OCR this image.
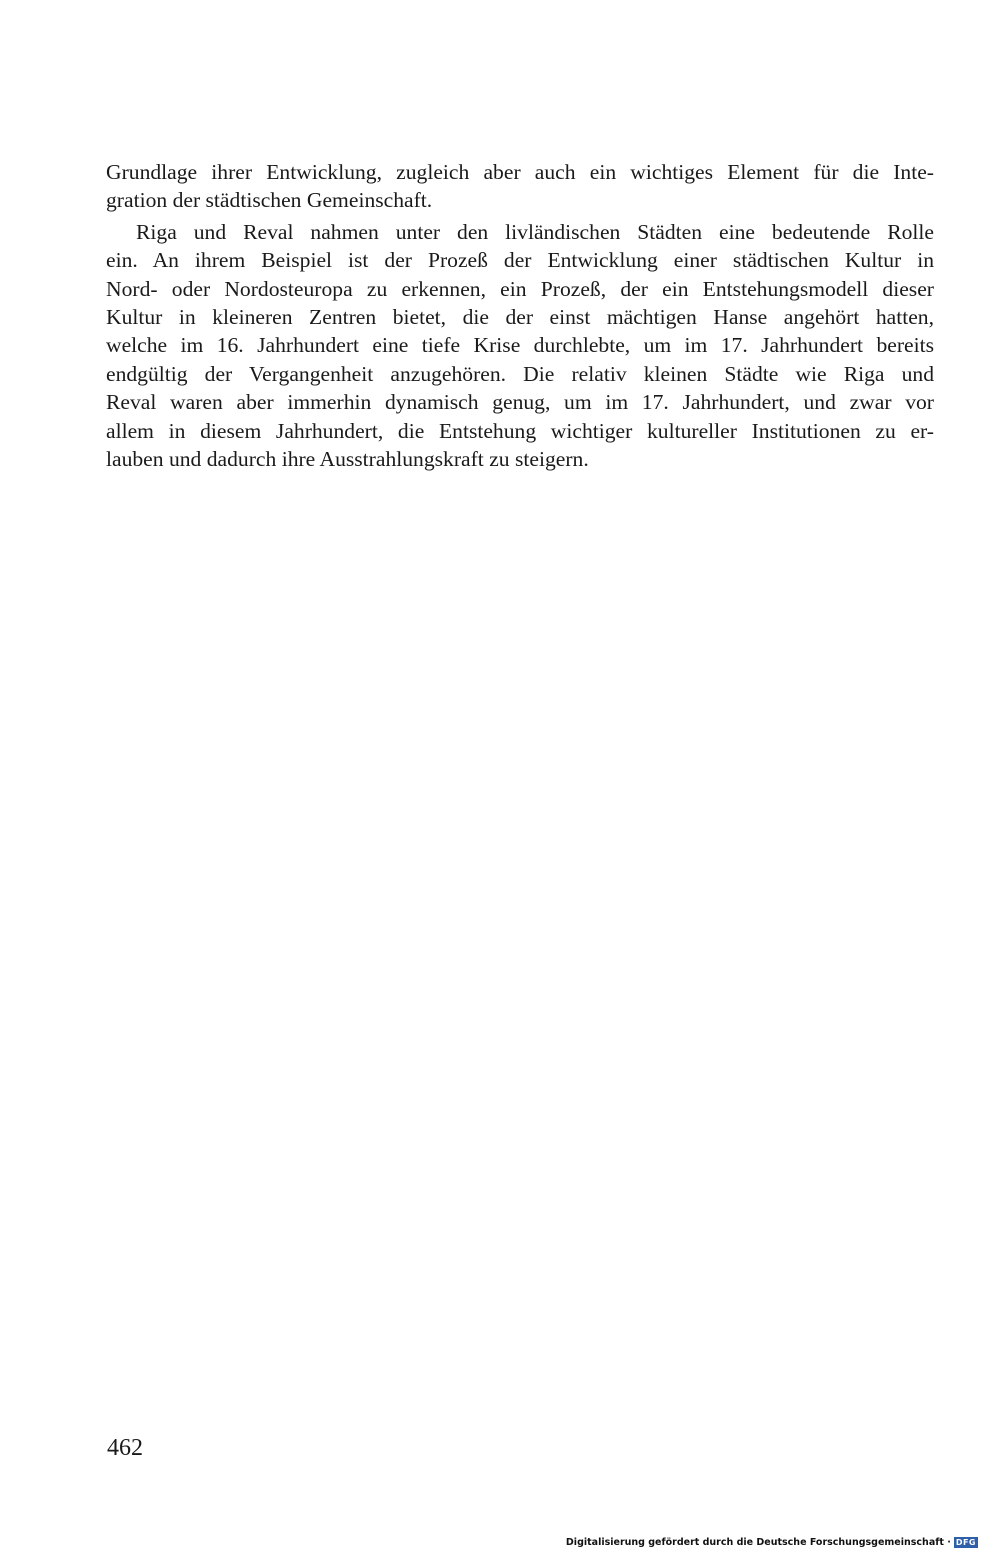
Grundlage ihrer Entwicklung, zugleich aber auch ein wichtiges Element für die Inte-
gration der städtischen Gemeinschaft.
Riga und Reval nahmen unter den livländischen Städten eine bedeutende Rolle
ein. An ihrem Beispiel ist der Prozeß der Entwicklung einer städtischen Kultur in
Nord- oder Nordosteuropa zu erkennen, ein Prozeß, der ein Entstehungsmodell dieser
Kultur in kleineren Zentren bietet, die der einst mächtigen Hanse angehört hatten,
welche im 16. Jahrhundert eine tiefe Krise durchlebte, um im 17. Jahrhundert bereits
endgültig der Vergangenheit anzugehören. Die relativ kleinen Städte wie Riga und
Reval waren aber immerhin dynamisch genug, um im 17. Jahrhundert, und zwar vor
allem in diesem Jahrhundert, die Entstehung wichtiger kultureller Institutionen zu er-
lauben und dadurch ihre Ausstrahlungskraft zu steigern.
462
Digitalisierung gefördert durch die Deutsche Forschungsgemeinschaft · DFG
